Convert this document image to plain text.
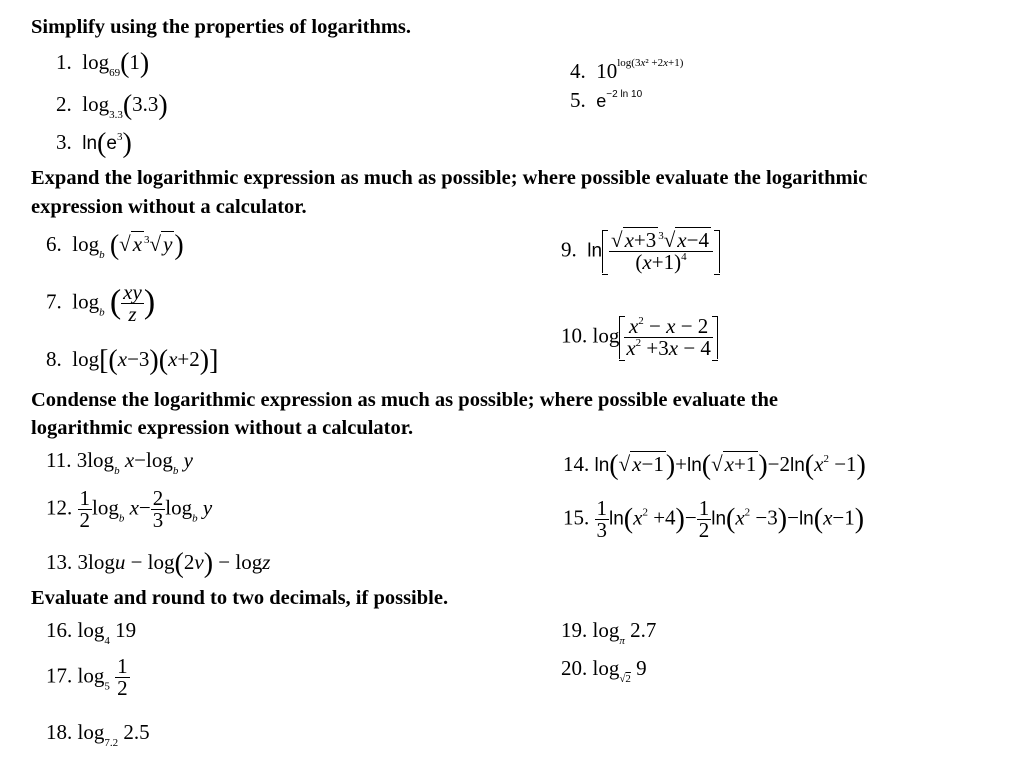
Simplify using the properties of logarithms.
Expand the logarithmic expression as much as possible; where possible evaluate the logarithmic
expression without a calculator.
Condense the logarithmic expression as much as possible; where possible evaluate the
logarithmic expression without a calculator.
Evaluate and round to two decimals, if possible.
1.  $\log_{69}(1)$
2.  $\log_{3.3}(3.3)$
3.  $\ln(e^3)$
4.  $10^{log(3x^2 +2x+1)}$
5.  $e^{-2 ln 10}$
6.  $\log_b (√x$ $^3$√y)
7.  $\log_b$ ( $\frac{xy}{z}$ )
8.  log[(x−3)(x+2)]
9.  $\ln \frac{√x+3 ^3√x-4}{(x+1)^4}$
10. $\log \frac{x^2 - x - 2}{x^2 +3x - 4}$
11. $3\log_b$ $x-\log_b$ y
12. $\frac{1}{2} \log_b x- \frac{2}{3} \log_b y$
13. 3logu − log(2v) − logz
14. $\ln(√x-1)+\ln(√x+1)-2\ln(x^2 -1)$
15. $\frac{1}{3} \ln(x^2 +4)- \frac{1}{2} \ln(x^2 -3)-\ln(x-1)$
16. $\log_4 19$
17. $\log_5 \frac{1}{2}$
18. $\log_{7.2} 2.5$
19. $\log_\pi 2.7$
20. $\log_{√2} 9$
